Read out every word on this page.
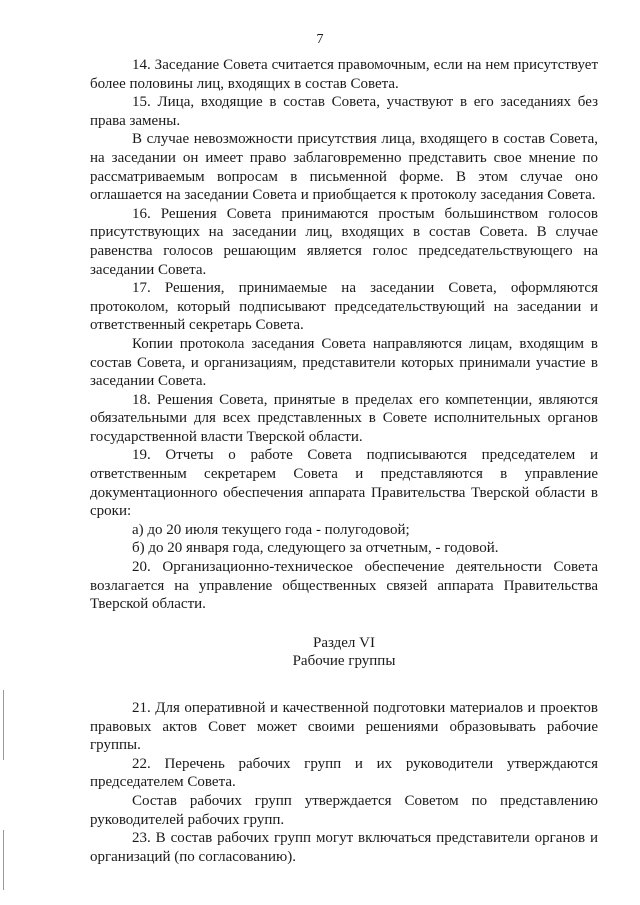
7

14. Заседание Совета считается правомочным, если на нем присутствует более половины лиц, входящих в состав Совета.

15. Лица, входящие в состав Совета, участвуют в его заседаниях без права замены.

В случае невозможности присутствия лица, входящего в состав Совета, на заседании он имеет право заблаговременно представить свое мнение по рассматриваемым вопросам в письменной форме. В этом случае оно оглашается на заседании Совета и приобщается к протоколу заседания Совета.

16. Решения Совета принимаются простым большинством голосов присутствующих на заседании лиц, входящих в состав Совета. В случае равенства голосов решающим является голос председательствующего на заседании Совета.

17. Решения, принимаемые на заседании Совета, оформляются протоколом, который подписывают председательствующий на заседании и ответственный секретарь Совета.

Копии протокола заседания Совета направляются лицам, входящим в состав Совета, и организациям, представители которых принимали участие в заседании Совета.

18. Решения Совета, принятые в пределах его компетенции, являются обязательными для всех представленных в Совете исполнительных органов государственной власти Тверской области.

19. Отчеты о работе Совета подписываются председателем и ответственным секретарем Совета и представляются в управление документационного обеспечения аппарата Правительства Тверской области в сроки:

а) до 20 июля текущего года - полугодовой;

б) до 20 января года, следующего за отчетным, - годовой.

20. Организационно-техническое обеспечение деятельности Совета возлагается на управление общественных связей аппарата Правительства Тверской области.

Раздел VI

Рабочие группы

21. Для оперативной и качественной подготовки материалов и проектов правовых актов Совет может своими решениями образовывать рабочие группы.

22. Перечень рабочих групп и их руководители утверждаются председателем Совета.

Состав рабочих групп утверждается Советом по представлению руководителей рабочих групп.

23. В состав рабочих групп могут включаться представители органов и организаций (по согласованию).
